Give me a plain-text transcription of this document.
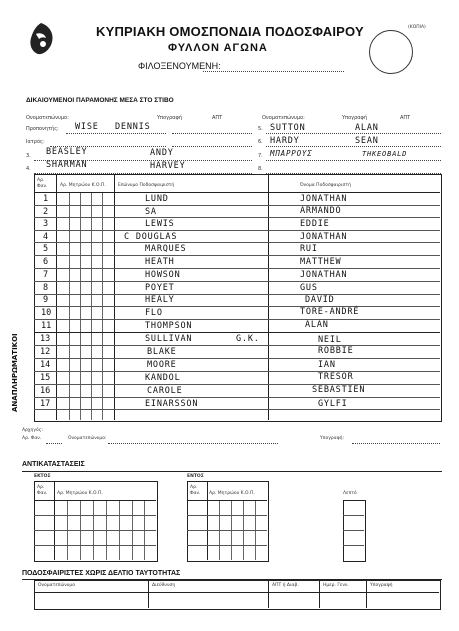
ΚΥΠΡΙΑΚΗ ΟΜΟΣΠΟΝΔΙΑ ΠΟΔΟΣΦΑΙΡΟΥ
ΦΥΛΛΟΝ ΑΓΩΝΑ
ΦΙΛΟΞΕΝΟΥΜΕΝΗ:
(ΚΟΠΙΑ)
ΔΙΚΑΙΟΥΜΕΝΟΙ ΠΑΡΑΜΟΝΗΣ ΜΕΣΑ ΣΤΟ ΣΤΙΒΟ
Ονοματεπώνυμο:	Υπογραφή	ΑΠΤ	Ονοματεπώνυμο:	Υπογραφή	ΑΠΤ
Προπονητής: WISE DENNIS
Ιατρός:
3. BEASLEY	ANDY
4. SHARMAN	HARVEY
5. SUTTON	ALAN
6. HARDY	SEAN
7. ΜΠΑΡΡΟΥΣ	ΤΗΚΕΟΒΑLD
8.
Αρ. Φαν.	Αρ. Μητρώου Κ.Ο.Π.	Επώνυμο Ποδοσφαιριστή	Όνομα Ποδοσφαιριστή
1	LUND	JONATHAN
2	SA	ARMANDO
3	LEWIS	EDDIE
4	C DOUGLAS	JONATHAN
5	MARQUES	RUI
6	HEATH	MATTHEW
7	HOWSON	JONATHAN
8	POYET	GUS
9	HEALY	DAVID
10	FLO	TORE-ANDRÉ
11	THOMPSON	ALAN
ΑΝΑΠΛΗΡΩΜΑΤΙΚΟΙ 13	SULLIVAN	G.K.	NEIL
12	BLAKE	ROBBIE
14	MOORE	IAN
15	KANDOL	TRESOR
16	CAROLE	SEBASTIEN
17	EINARSSON	GYLFI
Αρχηγός:
Αρ. Φαν.	Ονοματεπώνυμο:	Υπογραφή:
ΑΝΤΙΚΑΤΑΣΤΑΣΕΙΣ
ΕΚΤΟΣ
Αρ. Φαν.	Αρ. Μητρώου Κ.Ο.Π.
ΕΝΤΟΣ
Αρ. Φαν.	Αρ. Μητρώου Κ.Ο.Π.	Λεπτό
ΠΟΔΟΣΦΑΙΡΙΣΤΕΣ ΧΩΡΙΣ ΔΕΛΤΙΟ ΤΑΥΤΟΤΗΤΑΣ
Ονοματεπώνυμο	Διεύθυνση	ΑΠΤ ή Διαβ.	Ημερ. Γενν.	Υπογραφή
